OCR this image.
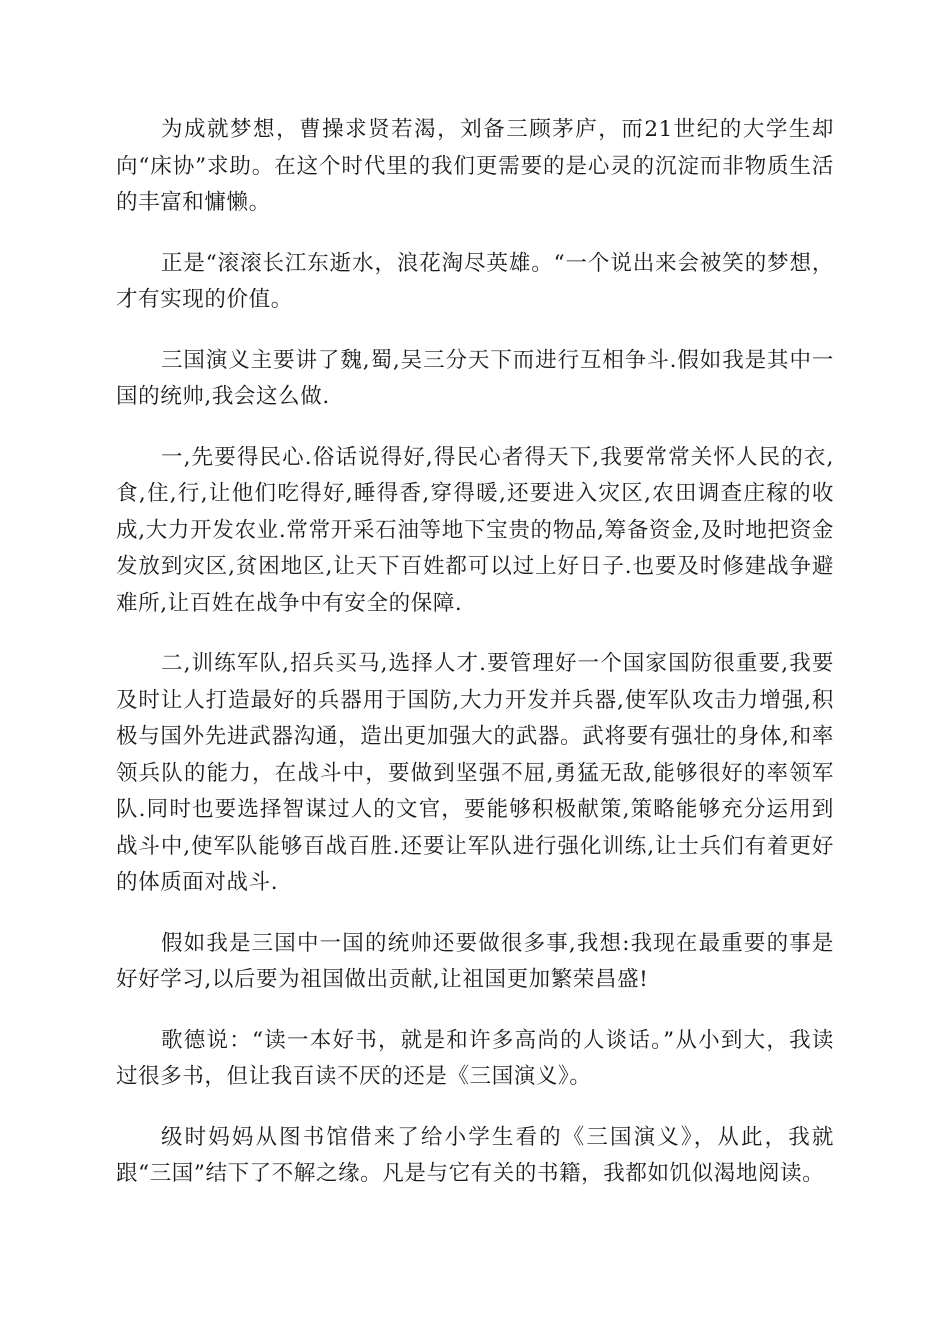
为成就梦想，曹操求贤若渴，刘备三顾茅庐，而21世纪的大学生却向“床协”求助。在这个时代里的我们更需要的是心灵的沉淀而非物质生活的丰富和慵懒。

正是“滚滚长江东逝水，浪花淘尽英雄。“一个说出来会被笑的梦想，才有实现的价值。

三国演义主要讲了魏,蜀,吴三分天下而进行互相争斗.假如我是其中一国的统帅,我会这么做.

一,先要得民心.俗话说得好,得民心者得天下,我要常常关怀人民的衣,食,住,行,让他们吃得好,睡得香,穿得暖,还要进入灾区,农田调查庄稼的收成,大力开发农业.常常开采石油等地下宝贵的物品,筹备资金,及时地把资金发放到灾区,贫困地区,让天下百姓都可以过上好日子.也要及时修建战争避难所,让百姓在战争中有安全的保障.

二,训练军队,招兵买马,选择人才.要管理好一个国家国防很重要,我要及时让人打造最好的兵器用于国防,大力开发并兵器,使军队攻击力增强,积极与国外先进武器沟通，造出更加强大的武器。武将要有强壮的身体,和率领兵队的能力，在战斗中，要做到坚强不屈,勇猛无敌,能够很好的率领军队.同时也要选择智谋过人的文官，要能够积极献策,策略能够充分运用到战斗中,使军队能够百战百胜.还要让军队进行强化训练,让士兵们有着更好的体质面对战斗.

假如我是三国中一国的统帅还要做很多事,我想:我现在最重要的事是好好学习,以后要为祖国做出贡献,让祖国更加繁荣昌盛!

歌德说：“读一本好书，就是和许多高尚的人谈话。”从小到大，我读过很多书，但让我百读不厌的还是《三国演义》。

级时妈妈从图书馆借来了给小学生看的《三国演义》，从此，我就跟“三国”结下了不解之缘。凡是与它有关的书籍，我都如饥似渴地阅读。
